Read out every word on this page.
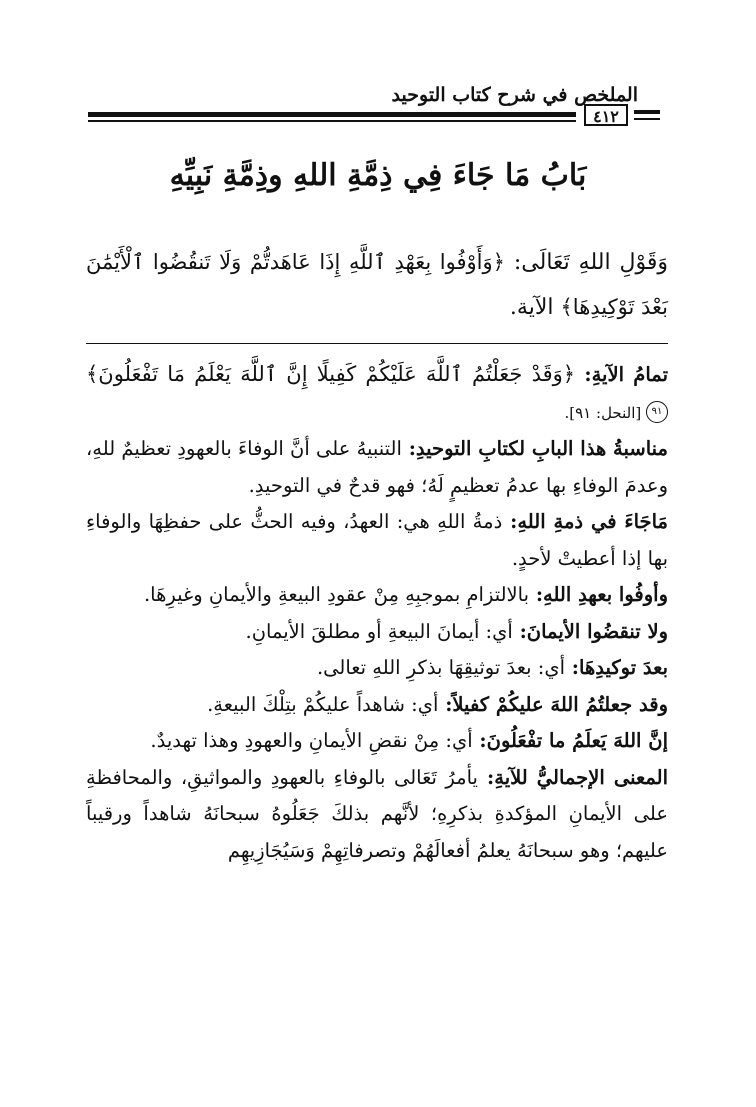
الملخص في شرح كتاب التوحيد
٤١٢
بَابُ مَا جَاءَ فِي ذِمَّةِ اللهِ وذِمَّةِ نَبِيِّهِ
وَقَوْلِ اللهِ تَعَالَى: ﴿وَأَوْفُوا بِعَهْدِ ٱللَّهِ إِذَا عَاهَدتُّمْ وَلَا تَنقُضُوا ٱلْأَيْمَٰنَ بَعْدَ تَوْكِيدِهَا﴾ الآية.

تمامُ الآيةِ: ﴿وَقَدْ جَعَلْتُمُ ٱللَّهَ عَلَيْكُمْ كَفِيلًا إِنَّ ٱللَّهَ يَعْلَمُ مَا تَفْعَلُونَ﴾ ٩١ [النحل: ٩١].

مناسبةُ هذا البابِ لكتابِ التوحيدِ: التنبيهُ على أنَّ الوفاءَ بالعهودِ تعظيمٌ للهِ، وعدمَ الوفاءِ بها عدمُ تعظيمٍ لَهُ؛ فهو قدحٌ في التوحيدِ.

مَاجَاءَ في ذمةِ اللهِ: ذمةُ اللهِ هي: العهدُ، وفيه الحثُّ على حفظِهَا والوفاءِ بها إذا أعطيتْ لأحدٍ.

وأوفُوا بعهدِ اللهِ: بالالتزامِ بموجبِهِ مِنْ عقودِ البيعةِ والأيمانِ وغيرِهَا.

ولا تنقضُوا الأيمانَ: أي: أيمانَ البيعةِ أو مطلقَ الأيمانِ.

بعدَ توكيدِهَا: أي: بعدَ توثيقِهَا بذكرِ اللهِ تعالى.

وقد جعلتُمُ اللهَ عليكُمْ كفيلاً: أي: شاهداً عليكُمْ بتِلْكَ البيعةِ.

إنَّ اللهَ يَعلَمُ ما تفْعَلُونَ: أي: مِنْ نقضِ الأيمانِ والعهودِ وهذا تهديدٌ.

المعنى الإجماليُّ للآيةِ: يأمرُ تَعَالى بالوفاءِ بالعهودِ والمواثيقِ، والمحافظةِ على الأيمانِ المؤكدةِ بذكرِهِ؛ لأنَّهم بذلكَ جَعَلُوهُ سبحانَهُ شاهداً ورقيباً عليهم؛ وهو سبحانَهُ يعلمُ أفعالَهُمْ وتصرفاتِهِمْ وَسَيُجَازِيهِم
